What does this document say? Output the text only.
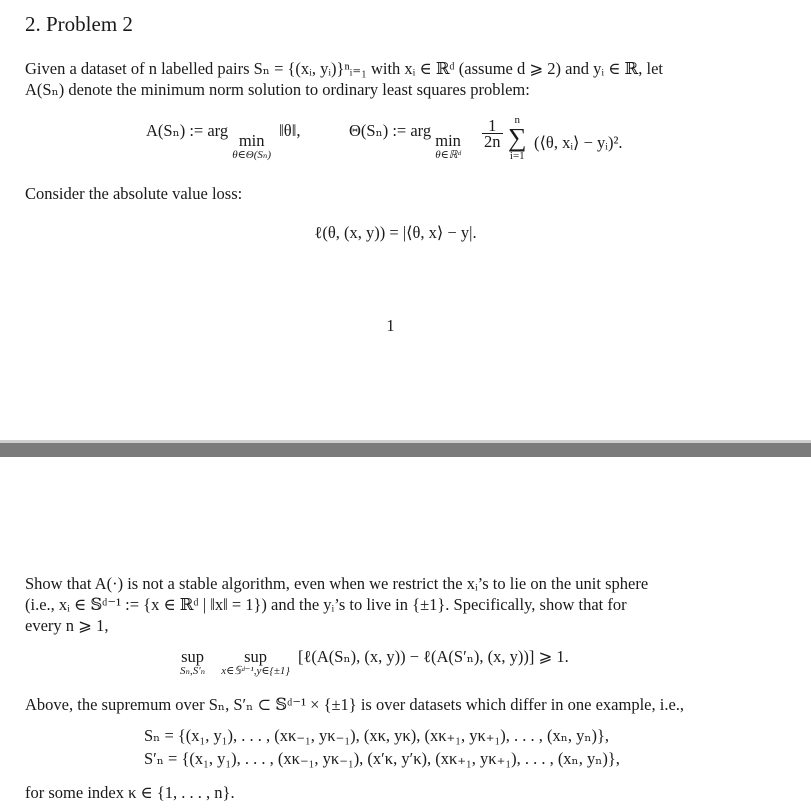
2. Problem 2
Given a dataset of n labelled pairs Sₙ = {(xᵢ, yᵢ)}ⁿᵢ₌₁ with xᵢ ∈ ℝᵈ (assume d ⩾ 2) and yᵢ ∈ ℝ, let
A(Sₙ) denote the minimum norm solution to ordinary least squares problem:
A(Sₙ) := arg min
θ∈Θ(Sₙ)
‖θ‖,	Θ(Sₙ) := arg min
θ∈ℝᵈ
$\frac{1}{2n}$	n
∑
i=1
(⟨θ, xᵢ⟩ − yᵢ)².
Consider the absolute value loss:
ℓ(θ, (x, y)) = |⟨θ, x⟩ − y|.
1
Show that A(·) is not a stable algorithm, even when we restrict the xᵢ’s to lie on the unit sphere
(i.e., xᵢ ∈ 𝕊ᵈ⁻¹ := {x ∈ ℝᵈ | ‖x‖ = 1}) and the yᵢ’s to live in {±1}. Specifically, show that for
every n ⩾ 1,
sup
Sₙ,S′ₙ
sup
x∈𝕊ᵈ⁻¹,y∈{±1}
[ℓ(A(Sₙ), (x, y)) − ℓ(A(S′ₙ), (x, y))] ⩾ 1.
Above, the supremum over Sₙ, S′ₙ ⊂ 𝕊ᵈ⁻¹ × {±1} is over datasets which differ in one example, i.e.,
Sₙ = {(x₁, y₁), . . . , (xκ₋₁, yκ₋₁), (xκ, yκ), (xκ₊₁, yκ₊₁), . . . , (xₙ, yₙ)},
S′ₙ = {(x₁, y₁), . . . , (xκ₋₁, yκ₋₁), (x′κ, y′κ), (xκ₊₁, yκ₊₁), . . . , (xₙ, yₙ)},
for some index κ ∈ {1, . . . , n}.
